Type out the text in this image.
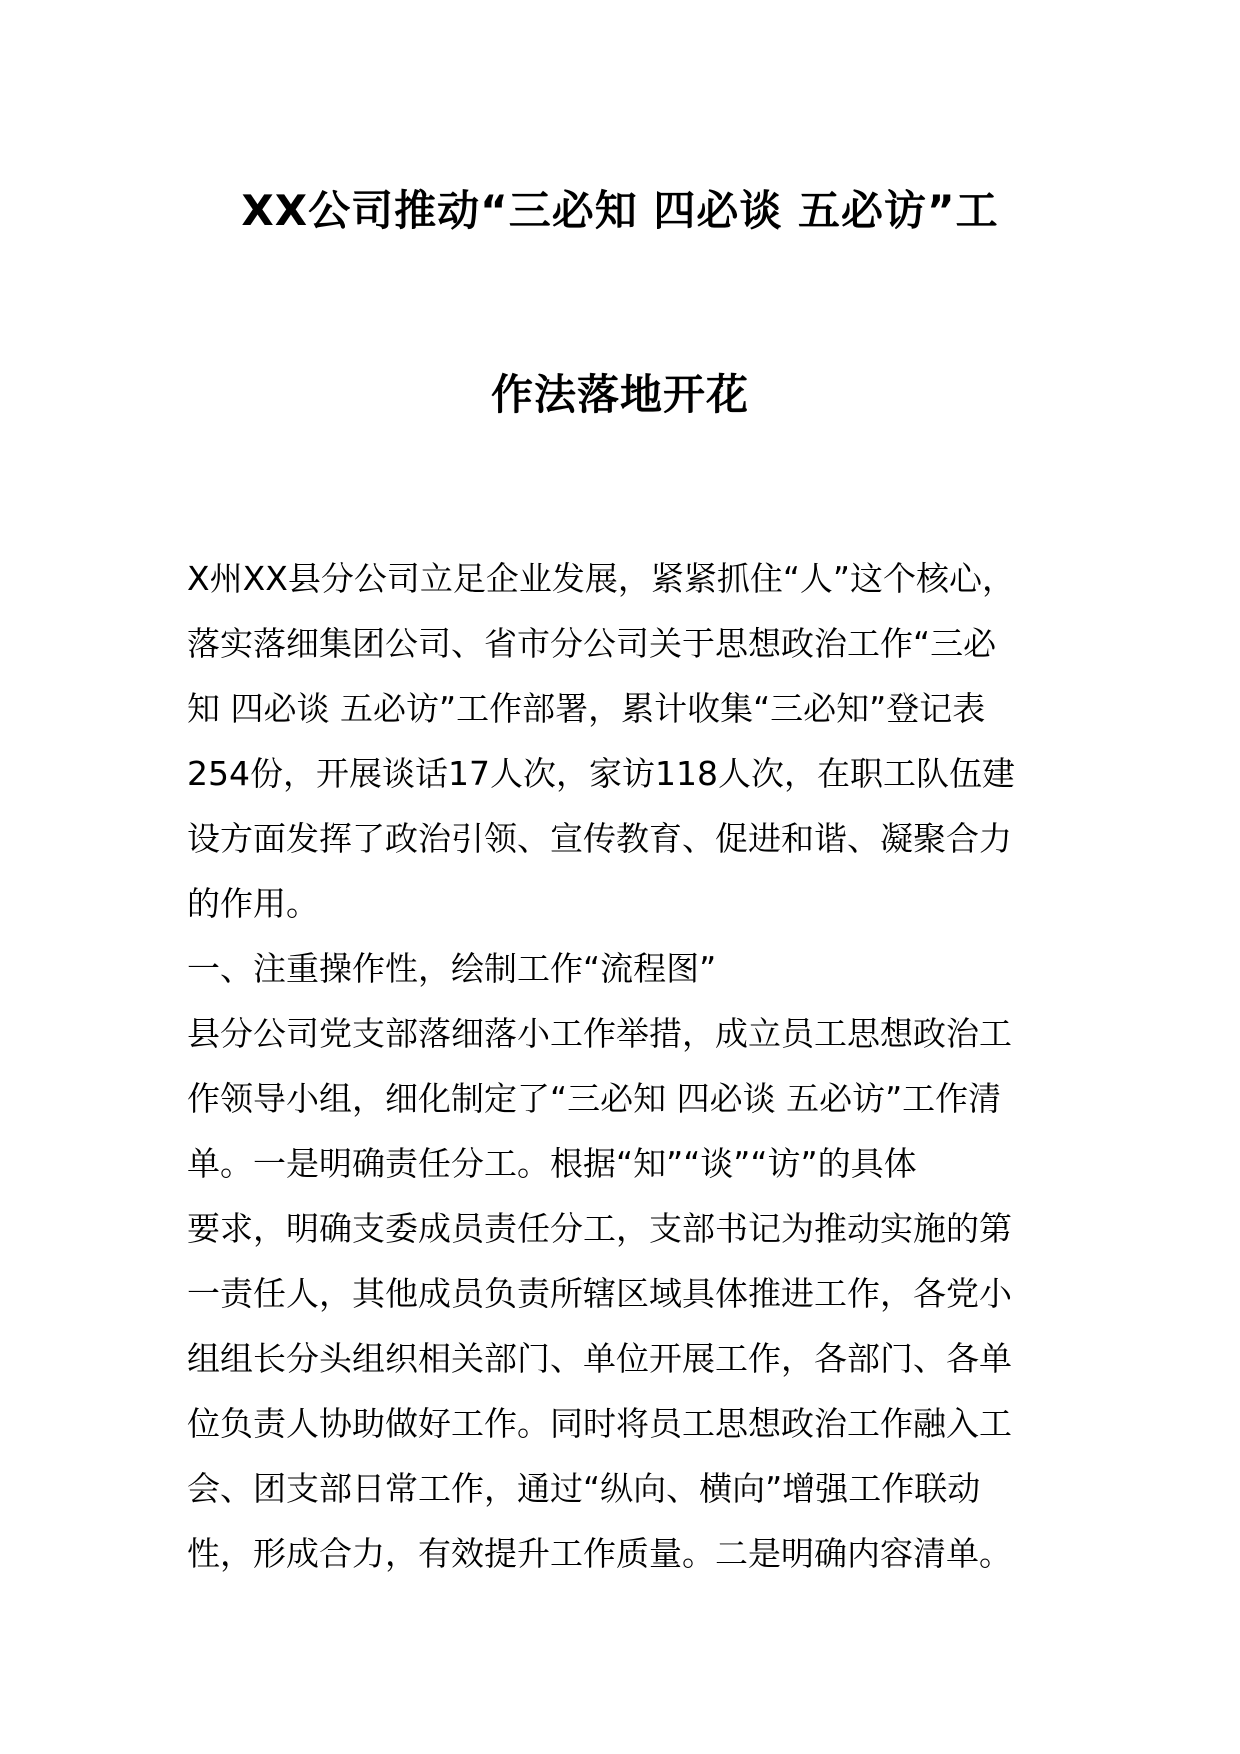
XX公司推动“三必知 四必谈 五必访”工
作法落地开花
X州XX县分公司立足企业发展，紧紧抓住“人”这个核心，
落实落细集团公司、省市分公司关于思想政治工作“三必
知 四必谈 五必访”工作部署，累计收集“三必知”登记表
254份，开展谈话17人次，家访118人次，在职工队伍建
设方面发挥了政治引领、宣传教育、促进和谐、凝聚合力
的作用。
一、注重操作性，绘制工作“流程图”
县分公司党支部落细落小工作举措，成立员工思想政治工
作领导小组，细化制定了“三必知 四必谈 五必访”工作清
单。一是明确责任分工。根据“知”“谈”“访”的具体
要求，明确支委成员责任分工，支部书记为推动实施的第
一责任人，其他成员负责所辖区域具体推进工作，各党小
组组长分头组织相关部门、单位开展工作，各部门、各单
位负责人协助做好工作。同时将员工思想政治工作融入工
会、团支部日常工作，通过“纵向、横向”增强工作联动
性，形成合力，有效提升工作质量。二是明确内容清单。
